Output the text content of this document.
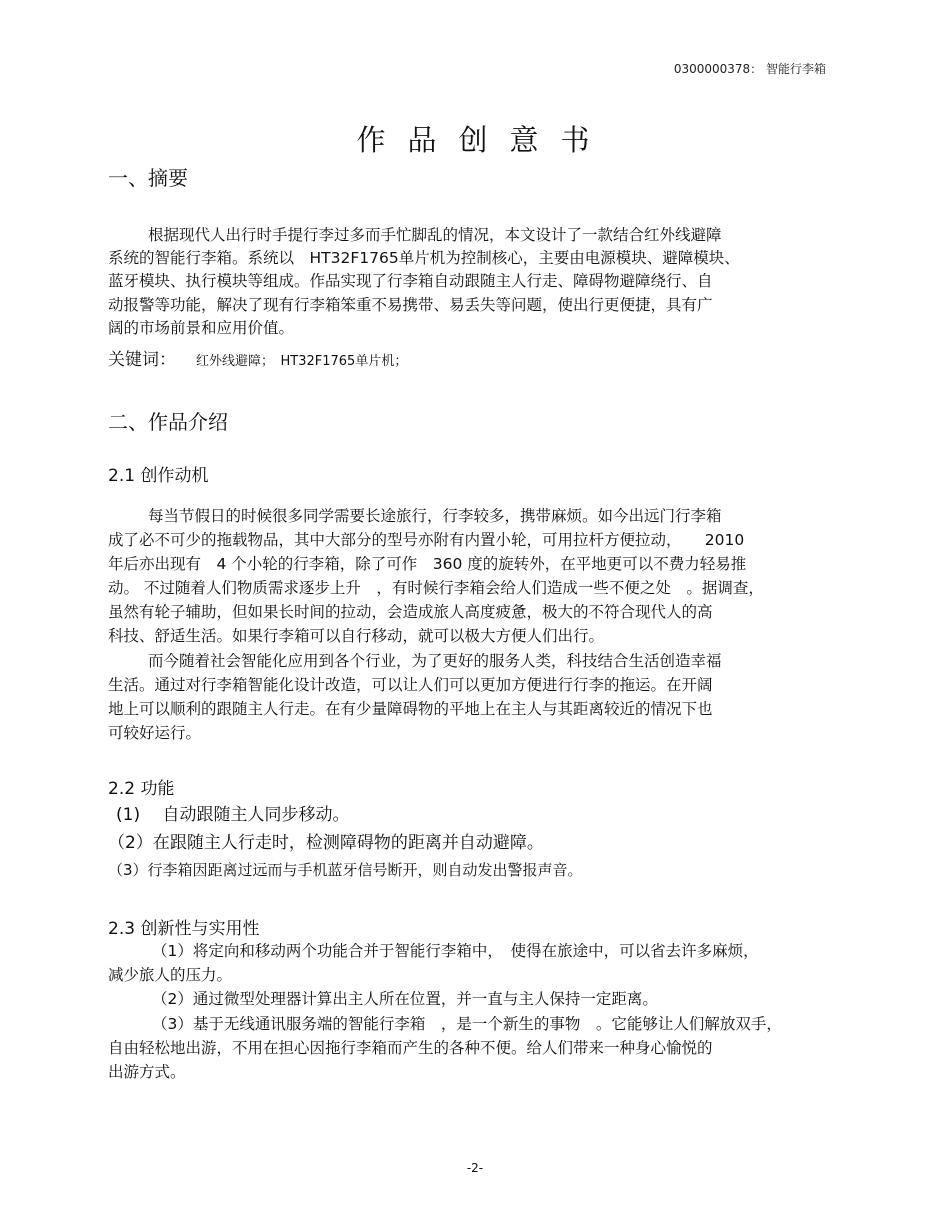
0300000378： 智能行李箱
作品创意书
一、摘要
根据现代人出行时手提行李过多而手忙脚乱的情况，本文设计了一款结合红外线避障
系统的智能行李箱。系统以　HT32F1765单片机为控制核心，主要由电源模块、避障模块、
蓝牙模块、执行模块等组成。作品实现了行李箱自动跟随主人行走、障碍物避障绕行、自
动报警等功能，解决了现有行李箱笨重不易携带、易丢失等问题，使出行更便捷，具有广
阔的市场前景和应用价值。
关键词： 红外线避障；　HT32F1765单片机；
二、作品介绍
2.1 创作动机
每当节假日的时候很多同学需要长途旅行，行李较多，携带麻烦。如今出远门行李箱
成了必不可少的拖载物品，其中大部分的型号亦附有内置小轮，可用拉杆方便拉动，　　2010
年后亦出现有　4 个小轮的行李箱，除了可作　360 度的旋转外，在平地更可以不费力轻易推
动。 不过随着人们物质需求逐步上升　，有时候行李箱会给人们造成一些不便之处　。据调查，
虽然有轮子辅助，但如果长时间的拉动，会造成旅人高度疲惫，极大的不符合现代人的高
科技、舒适生活。如果行李箱可以自行移动，就可以极大方便人们出行。
而今随着社会智能化应用到各个行业，为了更好的服务人类，科技结合生活创造幸福
生活。通过对行李箱智能化设计改造，可以让人们可以更加方便进行行李的拖运。在开阔
地上可以顺利的跟随主人行走。在有少量障碍物的平地上在主人与其距离较近的情况下也
可较好运行。
2.2 功能
(1)　 自动跟随主人同步移动。
（2）在跟随主人行走时，检测障碍物的距离并自动避障。
（3）行李箱因距离过远而与手机蓝牙信号断开，则自动发出警报声音。
2.3 创新性与实用性
（1）将定向和移动两个功能合并于智能行李箱中，　使得在旅途中，可以省去许多麻烦，
减少旅人的压力。
（2）通过微型处理器计算出主人所在位置，并一直与主人保持一定距离。
（3）基于无线通讯服务端的智能行李箱　，是一个新生的事物　。它能够让人们解放双手，
自由轻松地出游，不用在担心因拖行李箱而产生的各种不便。给人们带来一种身心愉悦的
出游方式。
-2-
